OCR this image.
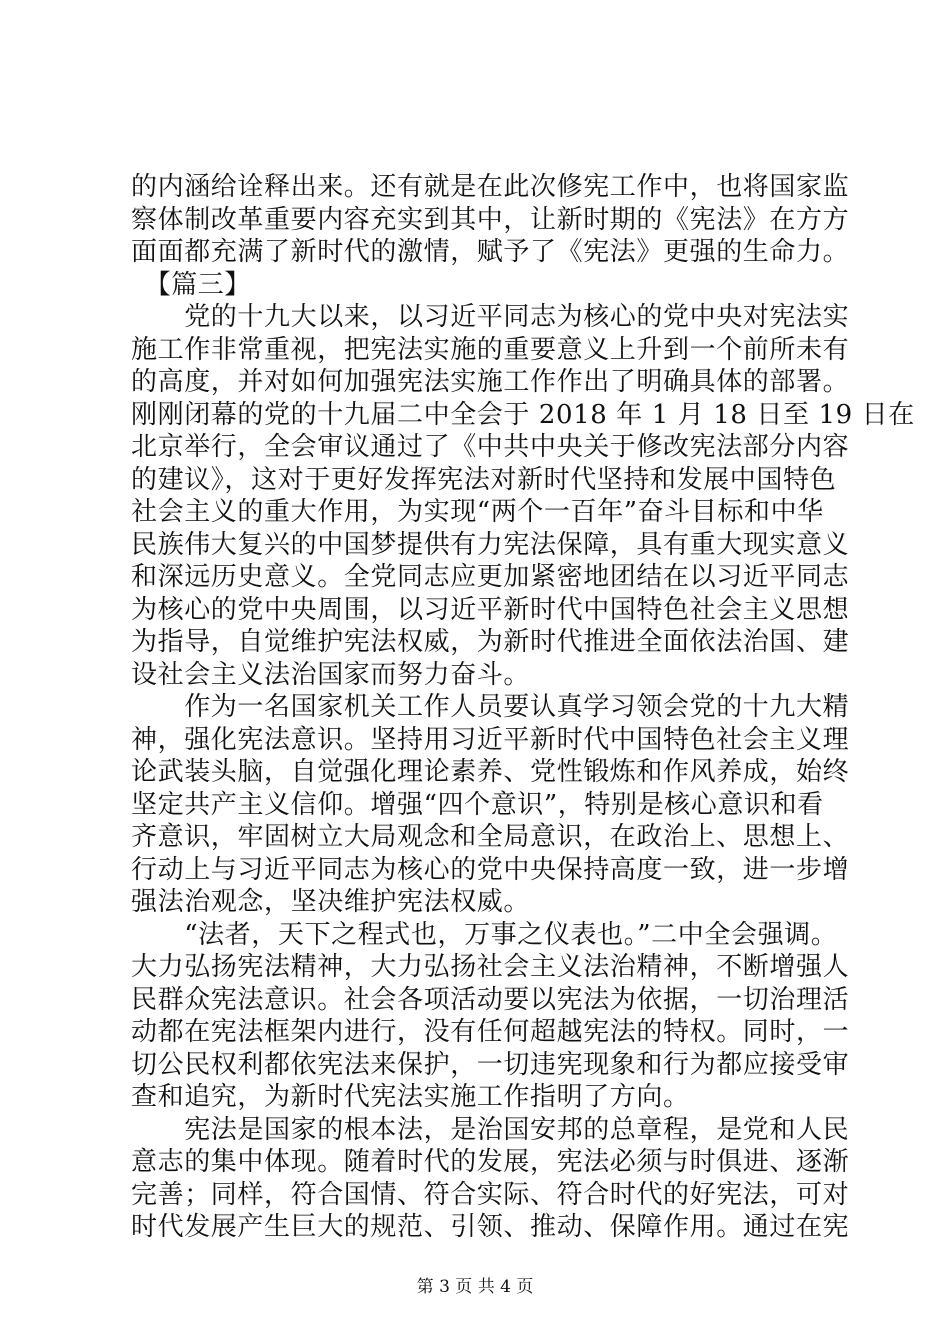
的内涵给诠释出来。还有就是在此次修宪工作中，也将国家监
察体制改革重要内容充实到其中，让新时期的《宪法》在方方
面面都充满了新时代的激情，赋予了《宪法》更强的生命力。
　【篇三】
　　党的十九大以来，以习近平同志为核心的党中央对宪法实
施工作非常重视，把宪法实施的重要意义上升到一个前所未有
的高度，并对如何加强宪法实施工作作出了明确具体的部署。
刚刚闭幕的党的十九届二中全会于 2018 年 1 月 18 日至 19 日在
北京举行，全会审议通过了《中共中央关于修改宪法部分内容
的建议》，这对于更好发挥宪法对新时代坚持和发展中国特色
社会主义的重大作用，为实现“两个一百年”奋斗目标和中华
民族伟大复兴的中国梦提供有力宪法保障，具有重大现实意义
和深远历史意义。全党同志应更加紧密地团结在以习近平同志
为核心的党中央周围，以习近平新时代中国特色社会主义思想
为指导，自觉维护宪法权威，为新时代推进全面依法治国、建
设社会主义法治国家而努力奋斗。
　　作为一名国家机关工作人员要认真学习领会党的十九大精
神，强化宪法意识。坚持用习近平新时代中国特色社会主义理
论武装头脑，自觉强化理论素养、党性锻炼和作风养成，始终
坚定共产主义信仰。增强“四个意识”，特别是核心意识和看
齐意识，牢固树立大局观念和全局意识，在政治上、思想上、
行动上与习近平同志为核心的党中央保持高度一致，进一步增
强法治观念，坚决维护宪法权威。
　　“法者，天下之程式也，万事之仪表也。”二中全会强调。
大力弘扬宪法精神，大力弘扬社会主义法治精神，不断增强人
民群众宪法意识。社会各项活动要以宪法为依据，一切治理活
动都在宪法框架内进行，没有任何超越宪法的特权。同时，一
切公民权利都依宪法来保护，一切违宪现象和行为都应接受审
查和追究，为新时代宪法实施工作指明了方向。
　　宪法是国家的根本法，是治国安邦的总章程，是党和人民
意志的集中体现。随着时代的发展，宪法必须与时俱进、逐渐
完善；同样，符合国情、符合实际、符合时代的好宪法，可对
时代发展产生巨大的规范、引领、推动、保障作用。通过在宪
第 3 页 共 4 页
